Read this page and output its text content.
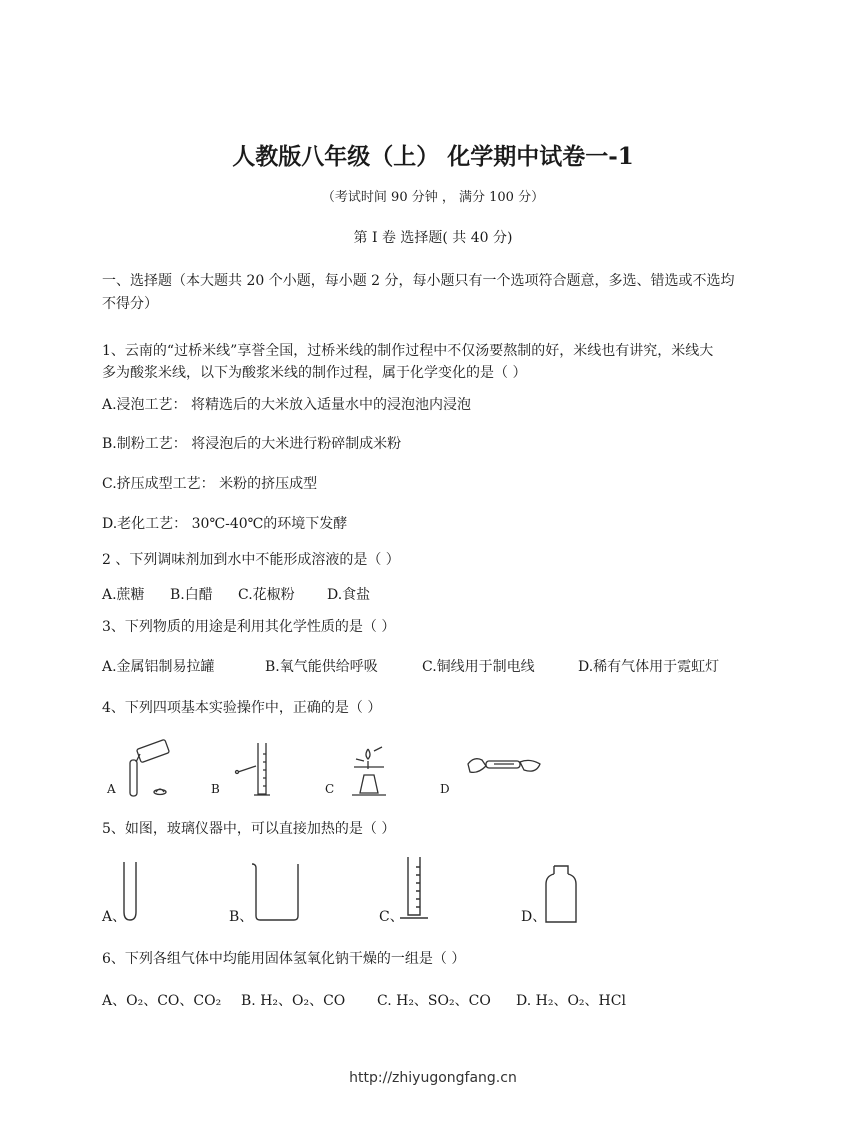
人教版八年级（上） 化学期中试卷一-1
（考试时间 90 分钟 ， 满分 100 分）
第 I 卷 选择题( 共 40 分)
一、选择题（本大题共 20 个小题，每小题 2 分，每小题只有一个选项符合题意，多选、错选或不选均
不得分）
1、云南的“过桥米线”享誉全国，过桥米线的制作过程中不仅汤要熬制的好，米线也有讲究，米线大
多为酸浆米线，以下为酸浆米线的制作过程，属于化学变化的是（ ）
A.浸泡工艺： 将精选后的大米放入适量水中的浸泡池内浸泡
B.制粉工艺： 将浸泡后的大米进行粉碎制成米粉
C.挤压成型工艺： 米粉的挤压成型
D.老化工艺： 30℃-40℃的环境下发酵
2 、下列调味剂加到水中不能形成溶液的是（ ）
A.蔗糖 B.白醋 C.花椒粉 D.食盐
3、下列物质的用途是利用其化学性质的是（ ）
A.金属铝制易拉罐	B.氧气能供给呼吸	C.铜线用于制电线	D.稀有气体用于霓虹灯
4、下列四项基本实验操作中，正确的是（ ）
A	B	C	D
5、如图，玻璃仪器中，可以直接加热的是（ ）
A、	B、	C、	D、
6、下列各组气体中均能用固体氢氧化钠干燥的一组是（ ）
A、O₂、CO、CO₂ B. H₂、O₂、CO C. H₂、SO₂、CO D. H₂、O₂、HCl
http://zhiyugongfang.cn
